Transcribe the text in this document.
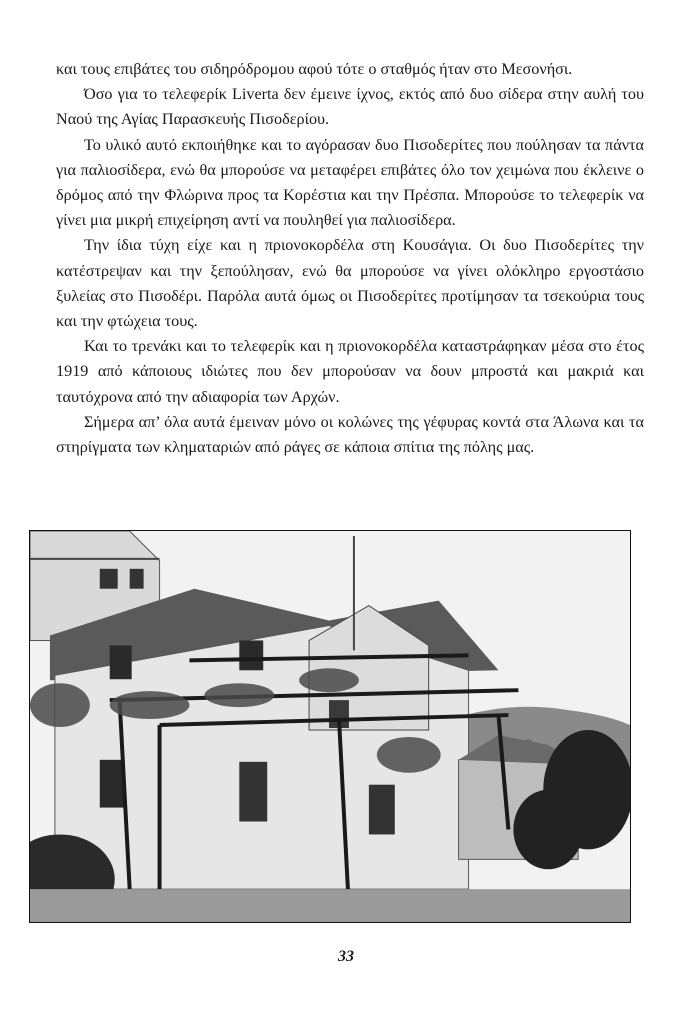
και τους επιβάτες του σιδηρόδρομου αφού τότε ο σταθμός ήταν στο Μεσονήσι.

Όσο για το τελεφερίκ Liverta δεν έμεινε ίχνος, εκτός από δυο σίδερα στην αυλή του Ναού της Αγίας Παρασκευής Πισοδερίου.

Το υλικό αυτό εκποιήθηκε και το αγόρασαν δυο Πισοδερίτες που πούλησαν τα πάντα για παλιοσίδερα, ενώ θα μπορούσε να μεταφέρει επιβάτες όλο τον χειμώνα που έκλεινε ο δρόμος από την Φλώρινα προς τα Κορέστια και την Πρέσπα. Μπορούσε το τελεφερίκ να γίνει μια μικρή επιχείρηση αντί να πουληθεί για παλιοσίδερα.

Την ίδια τύχη είχε και η πριονοκορδέλα στη Κουσάγια. Οι δυο Πισοδερίτες την κατέστρεψαν και την ξεπούλησαν, ενώ θα μπορούσε να γίνει ολόκληρο εργοστάσιο ξυλείας στο Πισοδέρι. Παρόλα αυτά όμως οι Πισοδερίτες προτίμησαν τα τσεκούρια τους και την φτώχεια τους.

Και το τρενάκι και το τελεφερίκ και η πριονοκορδέλα καταστράφηκαν μέσα στο έτος 1919 από κάποιους ιδιώτες που δεν μπορούσαν να δουν μπροστά και μακριά και ταυτόχρονα από την αδιαφορία των Αρχών.

Σήμερα απ’ όλα αυτά έμειναν μόνο οι κολώνες της γέφυρας κοντά στα Άλωνα και τα στηρίγματα των κληματαριών από ράγες σε κάποια σπίτια της πόλης μας.

33
